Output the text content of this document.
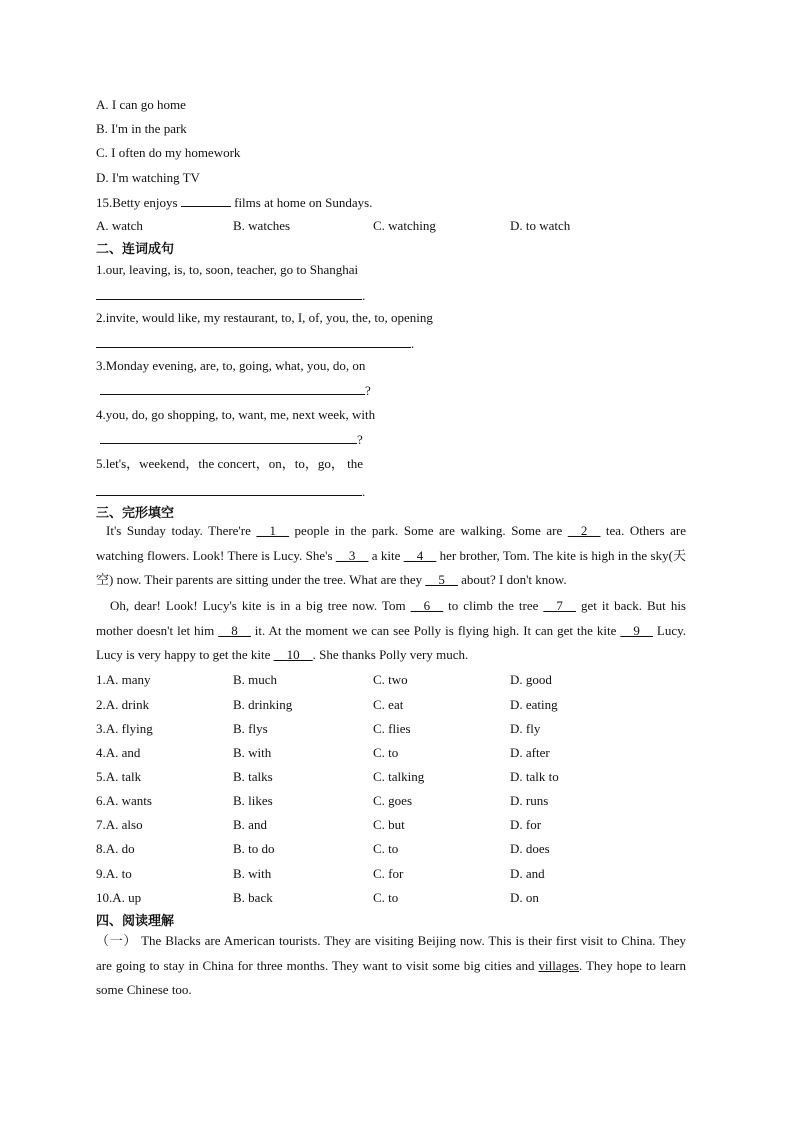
A. I can go home
B. I'm in the park
C. I often do my homework
D. I'm watching TV
15.Betty enjoys	films at home on Sundays.
A. watch	B. watches	C. watching	D. to watch
二、连词成句
1.our, leaving, is, to, soon, teacher, go to Shanghai
.
2.invite, would like, my restaurant, to, I, of, you, the, to, opening
.
3.Monday evening, are, to, going, what, you, do, on
?
4.you, do, go shopping, to, want, me, next week, with
?
5.let's，weekend，the concert，on，to，go， the
.
三、完形填空
It's Sunday today. There're __1__ people in the park. Some are walking. Some are __2__ tea. Others are watching flowers. Look! There is Lucy. She's __3__ a kite __4__ her brother, Tom. The kite is high in the sky(天空) now. Their parents are sitting under the tree. What are they __5__ about? I don't know.
Oh, dear! Look! Lucy's kite is in a big tree now. Tom __6__ to climb the tree __7__ get it back. But his mother doesn't let him __8__ it. At the moment we can see Polly is flying high. It can get the kite __9__ Lucy. Lucy is very happy to get the kite __10__. She thanks Polly very much.
1.A. many	B. much	C. two	D. good
2.A. drink	B. drinking	C. eat	D. eating
3.A. flying	B. flys	C. flies	D. fly
4.A. and	B. with	C. to	D. after
5.A. talk	B. talks	C. talking	D. talk to
6.A. wants	B. likes	C. goes	D. runs
7.A. also	B. and	C. but	D. for
8.A. do	B. to do	C. to	D. does
9.A. to	B. with	C. for	D. and
10.A. up	B. back	C. to	D. on
四、阅读理解
（一） The Blacks are American tourists. They are visiting Beijing now. This is their first visit to China. They are going to stay in China for three months. They want to visit some big cities and villages. They hope to learn some Chinese too.
